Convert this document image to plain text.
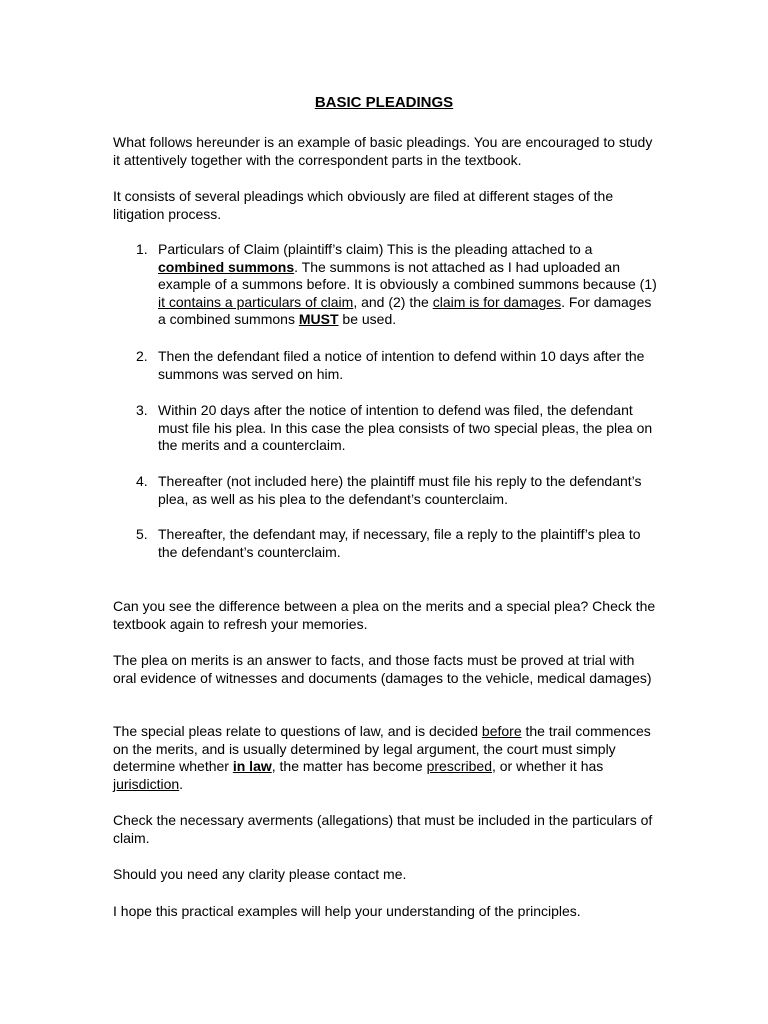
BASIC PLEADINGS

What follows hereunder is an example of basic pleadings. You are encouraged to study it attentively together with the correspondent parts in the textbook.

It consists of several pleadings which obviously are filed at different stages of the litigation process.

1. Particulars of Claim (plaintiff’s claim) This is the pleading attached to a combined summons. The summons is not attached as I had uploaded an example of a summons before. It is obviously a combined summons because (1) it contains a particulars of claim, and (2) the claim is for damages. For damages a combined summons MUST be used.
2. Then the defendant filed a notice of intention to defend within 10 days after the summons was served on him.
3. Within 20 days after the notice of intention to defend was filed, the defendant must file his plea. In this case the plea consists of two special pleas, the plea on the merits and a counterclaim.
4. Thereafter (not included here) the plaintiff must file his reply to the defendant’s plea, as well as his plea to the defendant’s counterclaim.
5. Thereafter, the defendant may, if necessary, file a reply to the plaintiff’s plea to the defendant’s counterclaim.

Can you see the difference between a plea on the merits and a special plea? Check the textbook again to refresh your memories.

The plea on merits is an answer to facts, and those facts must be proved at trial with oral evidence of witnesses and documents (damages to the vehicle, medical damages)

The special pleas relate to questions of law, and is decided before the trail commences on the merits, and is usually determined by legal argument, the court must simply determine whether in law, the matter has become prescribed, or whether it has jurisdiction.

Check the necessary averments (allegations) that must be included in the particulars of claim.

Should you need any clarity please contact me.

I hope this practical examples will help your understanding of the principles.
